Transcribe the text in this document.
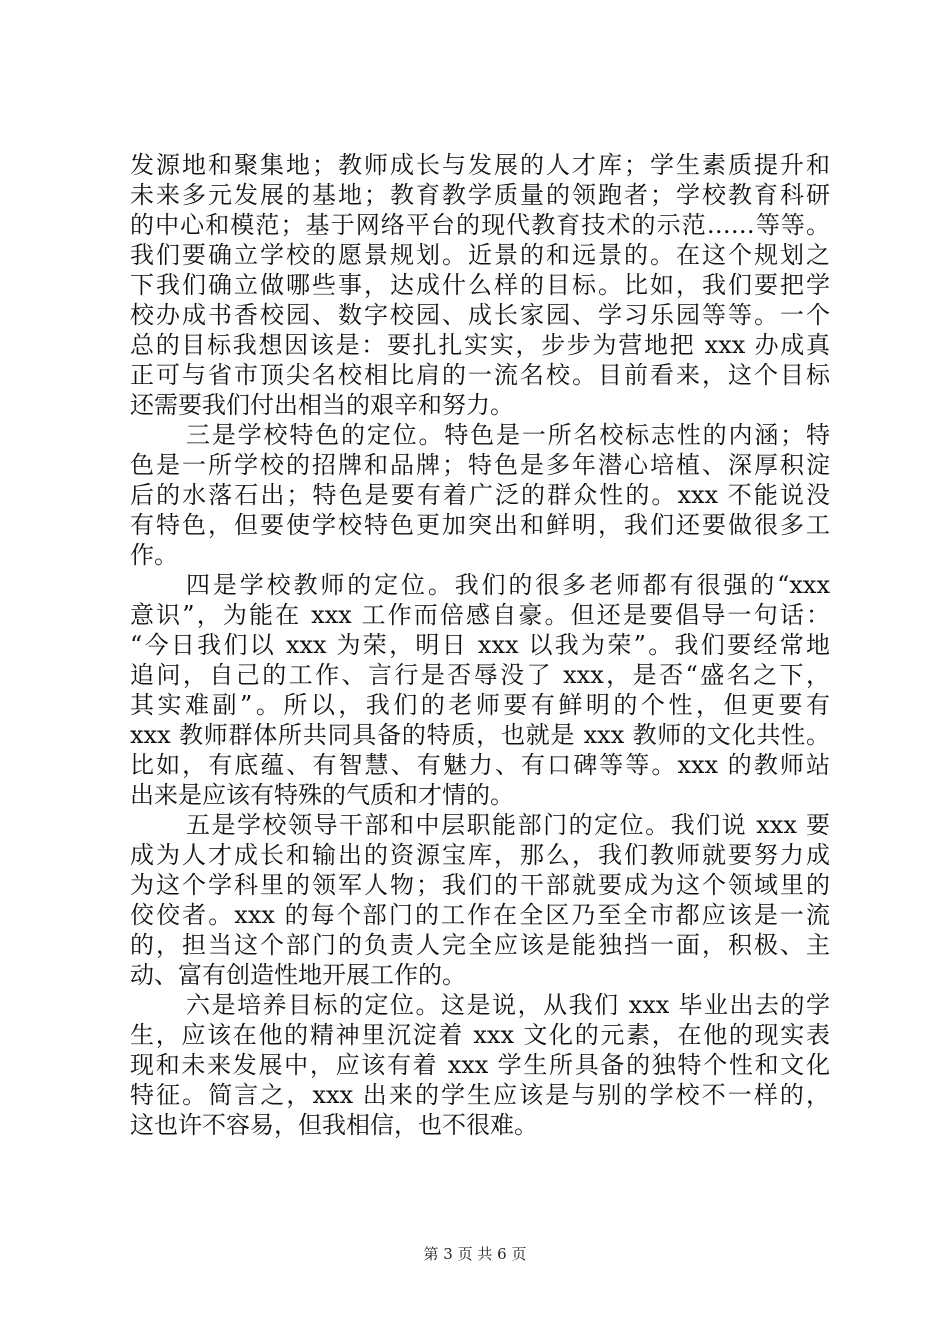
发源地和聚集地；教师成长与发展的人才库；学生素质提升和
未来多元发展的基地；教育教学质量的领跑者；学校教育科研
的中心和模范；基于网络平台的现代教育技术的示范……等等。
我们要确立学校的愿景规划。近景的和远景的。在这个规划之
下我们确立做哪些事，达成什么样的目标。比如，我们要把学
校办成书香校园、数字校园、成长家园、学习乐园等等。一个
总的目标我想因该是：要扎扎实实，步步为营地把 xxx 办成真
正可与省市顶尖名校相比肩的一流名校。目前看来，这个目标
还需要我们付出相当的艰辛和努力。
三是学校特色的定位。特色是一所名校标志性的内涵；特
色是一所学校的招牌和品牌；特色是多年潜心培植、深厚积淀
后的水落石出；特色是要有着广泛的群众性的。xxx 不能说没
有特色，但要使学校特色更加突出和鲜明，我们还要做很多工
作。
四是学校教师的定位。我们的很多老师都有很强的“xxx
意识”，为能在 xxx 工作而倍感自豪。但还是要倡导一句话：
“今日我们以 xxx 为荣，明日 xxx 以我为荣”。我们要经常地
追问，自己的工作、言行是否辱没了 xxx，是否“盛名之下，
其实难副”。所以，我们的老师要有鲜明的个性，但更要有
xxx 教师群体所共同具备的特质，也就是 xxx 教师的文化共性。
比如，有底蕴、有智慧、有魅力、有口碑等等。xxx 的教师站
出来是应该有特殊的气质和才情的。
五是学校领导干部和中层职能部门的定位。我们说 xxx 要
成为人才成长和输出的资源宝库，那么，我们教师就要努力成
为这个学科里的领军人物；我们的干部就要成为这个领域里的
佼佼者。xxx 的每个部门的工作在全区乃至全市都应该是一流
的，担当这个部门的负责人完全应该是能独挡一面，积极、主
动、富有创造性地开展工作的。
六是培养目标的定位。这是说，从我们 xxx 毕业出去的学
生，应该在他的精神里沉淀着 xxx 文化的元素，在他的现实表
现和未来发展中，应该有着 xxx 学生所具备的独特个性和文化
特征。简言之，xxx 出来的学生应该是与别的学校不一样的，
这也许不容易，但我相信，也不很难。
第 3 页 共 6 页
